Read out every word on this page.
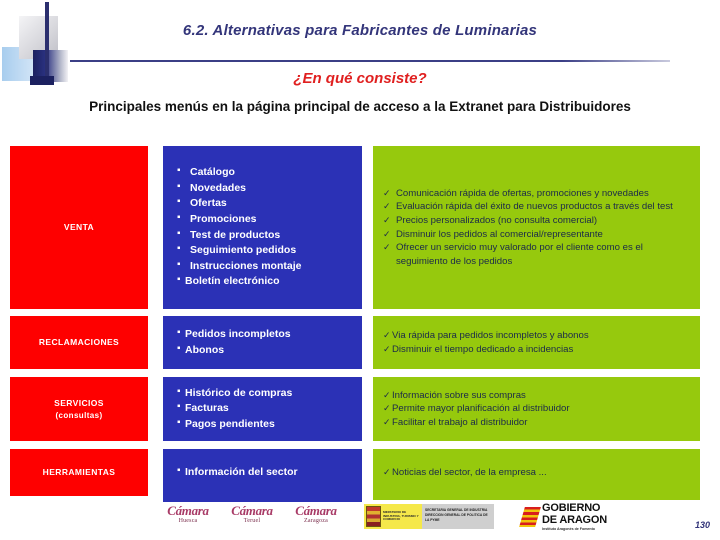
6.2. Alternativas para Fabricantes de Luminarias
¿En qué consiste?
Principales menús en la página principal de acceso a la Extranet para Distribuidores
VENTA
▪ Catálogo
▪ Novedades
▪ Ofertas
▪ Promociones
▪ Test de productos
▪ Seguimiento pedidos
▪ Instrucciones montaje
▪ Boletín electrónico
✓ Comunicación rápida de ofertas, promociones y novedades
✓ Evaluación rápida del éxito de nuevos productos a través del test
✓ Precios personalizados (no consulta comercial)
✓ Disminuir los pedidos al comercial/representante
✓ Ofrecer un servicio muy valorado por el cliente como es el seguimiento de los pedidos
RECLAMACIONES
▪ Pedidos incompletos
▪ Abonos
✓ Via rápida para pedidos incompletos y abonos
✓ Disminuir el tiempo dedicado a incidencias
SERVICIOS
(consultas)
▪ Histórico de compras
▪ Facturas
▪ Pagos pendientes
✓ Información sobre sus compras
✓ Permite mayor planificación al distribuidor
✓ Facilitar el trabajo al distribuidor
HERRAMIENTAS	▪ Información del sector	✓ Noticias del sector, de la empresa ...
Cámara
Huesca
Cámara
Teruel
Cámara
Zaragoza
MINISTERIO DE INDUSTRIA, TURISMO Y COMERCIO
SECRETARIA GENERAL DE INDUSTRIA
DIRECCION GENERAL DE POLITICA DE LA PYME
GOBIERNO
DE ARAGON
Instituto Aragonés de Fomento	130
